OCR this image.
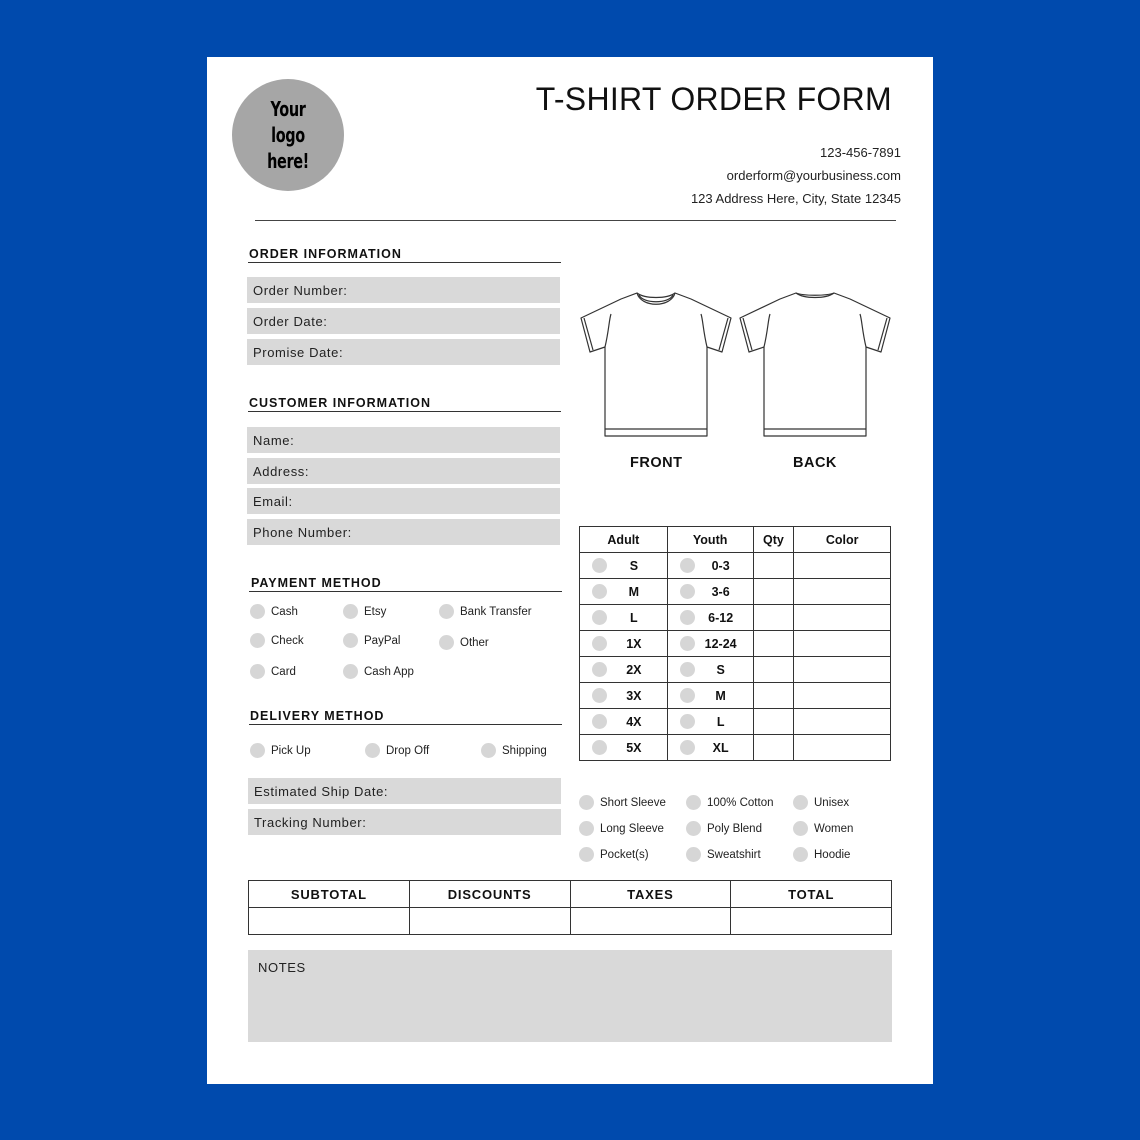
Your
logo
here!
T-SHIRT ORDER FORM
123-456-7891
orderform@yourbusiness.com
123 Address Here, City, State 12345
ORDER INFORMATION
Order Number:
Order Date:
Promise Date:
CUSTOMER INFORMATION
Name:
Address:
Email:
Phone Number:
PAYMENT METHOD
Cash	Etsy	Bank Transfer
Check	PayPal	Other
Card	Cash App
DELIVERY METHOD
Pick Up	Drop Off	Shipping
Estimated Ship Date:
Tracking Number:
FRONT	BACK
Adult	Youth	Qty	Color

S	0-3		

M	3-6		

L	6-12		

1X	12-24		

2X	S		

3X	M		

4X	L		

5X	XL		

Short Sleeve
Long Sleeve
Pocket(s)
100% Cotton
Poly Blend
Sweatshirt
Unisex
Women
Hoodie
SUBTOTAL	DISCOUNTS	TAXES	TOTAL

NOTES
